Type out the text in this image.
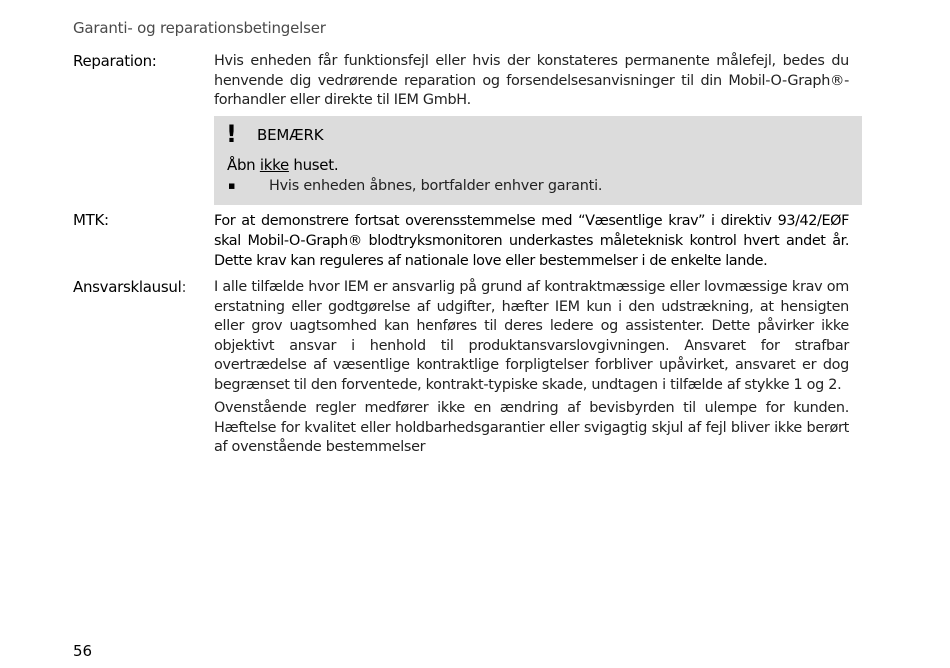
Garanti- og reparationsbetingelser
Reparation:	Hvis enheden får funktionsfejl eller hvis der konstateres permanente målefejl, bedes du henvende dig vedrørende reparation og forsendelsesanvisninger til din Mobil-O-Graph®-forhandler eller direkte til IEM GmbH.
! BEMÆRK
Åbn ikke huset.
▪ Hvis enheden åbnes, bortfalder enhver garanti.
MTK:	For at demonstrere fortsat overensstemmelse med “Væsentlige krav” i direktiv 93/42/EØF skal Mobil-O-Graph® blodtryksmonitoren underkastes måleteknisk kontrol hvert andet år. Dette krav kan reguleres af nationale love eller bestemmelser i de enkelte lande.
Ansvarsklausul: I alle tilfælde hvor IEM er ansvarlig på grund af kontraktmæssige eller lovmæssige krav om erstatning eller godtgørelse af udgifter, hæfter IEM kun i den udstrækning, at hensigten eller grov uagtsomhed kan henføres til deres ledere og assistenter. Dette påvirker ikke objektivt ansvar i henhold til produktansvarslovgivningen. Ansvaret for strafbar overtrædelse af væsentlige kontraktlige forpligtelser forbliver upåvirket, ansvaret er dog begrænset til den forventede, kontrakt-typiske skade, undtagen i tilfælde af stykke 1 og 2.
Ovenstående regler medfører ikke en ændring af bevisbyrden til ulempe for kunden. Hæftelse for kvalitet eller holdbarhedsgarantier eller svigagtig skjul af fejl bliver ikke berørt af ovenstående bestemmelser
56
